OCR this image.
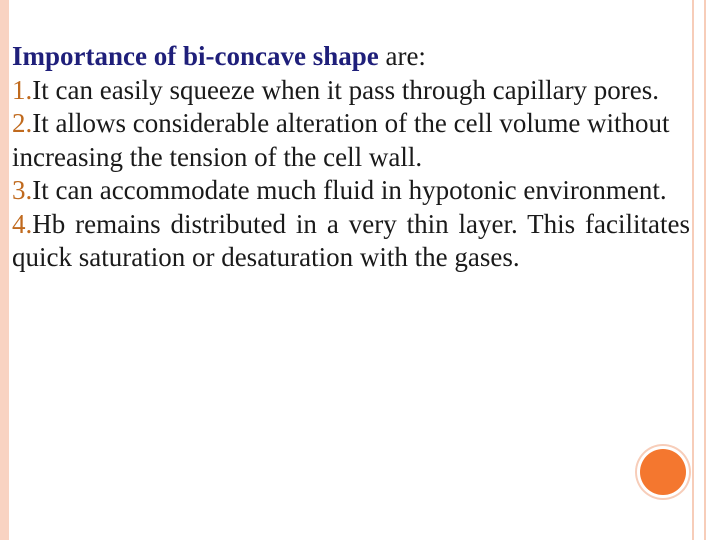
Importance of bi-concave shape are:

1.It can easily squeeze when it pass through capillary pores.

2.It allows considerable alteration of the cell volume without increasing the tension of the cell wall.

3.It can accommodate much fluid in hypotonic environment.

4.Hb remains distributed in a very thin layer. This facilitates quick saturation or desaturation with the gases.
